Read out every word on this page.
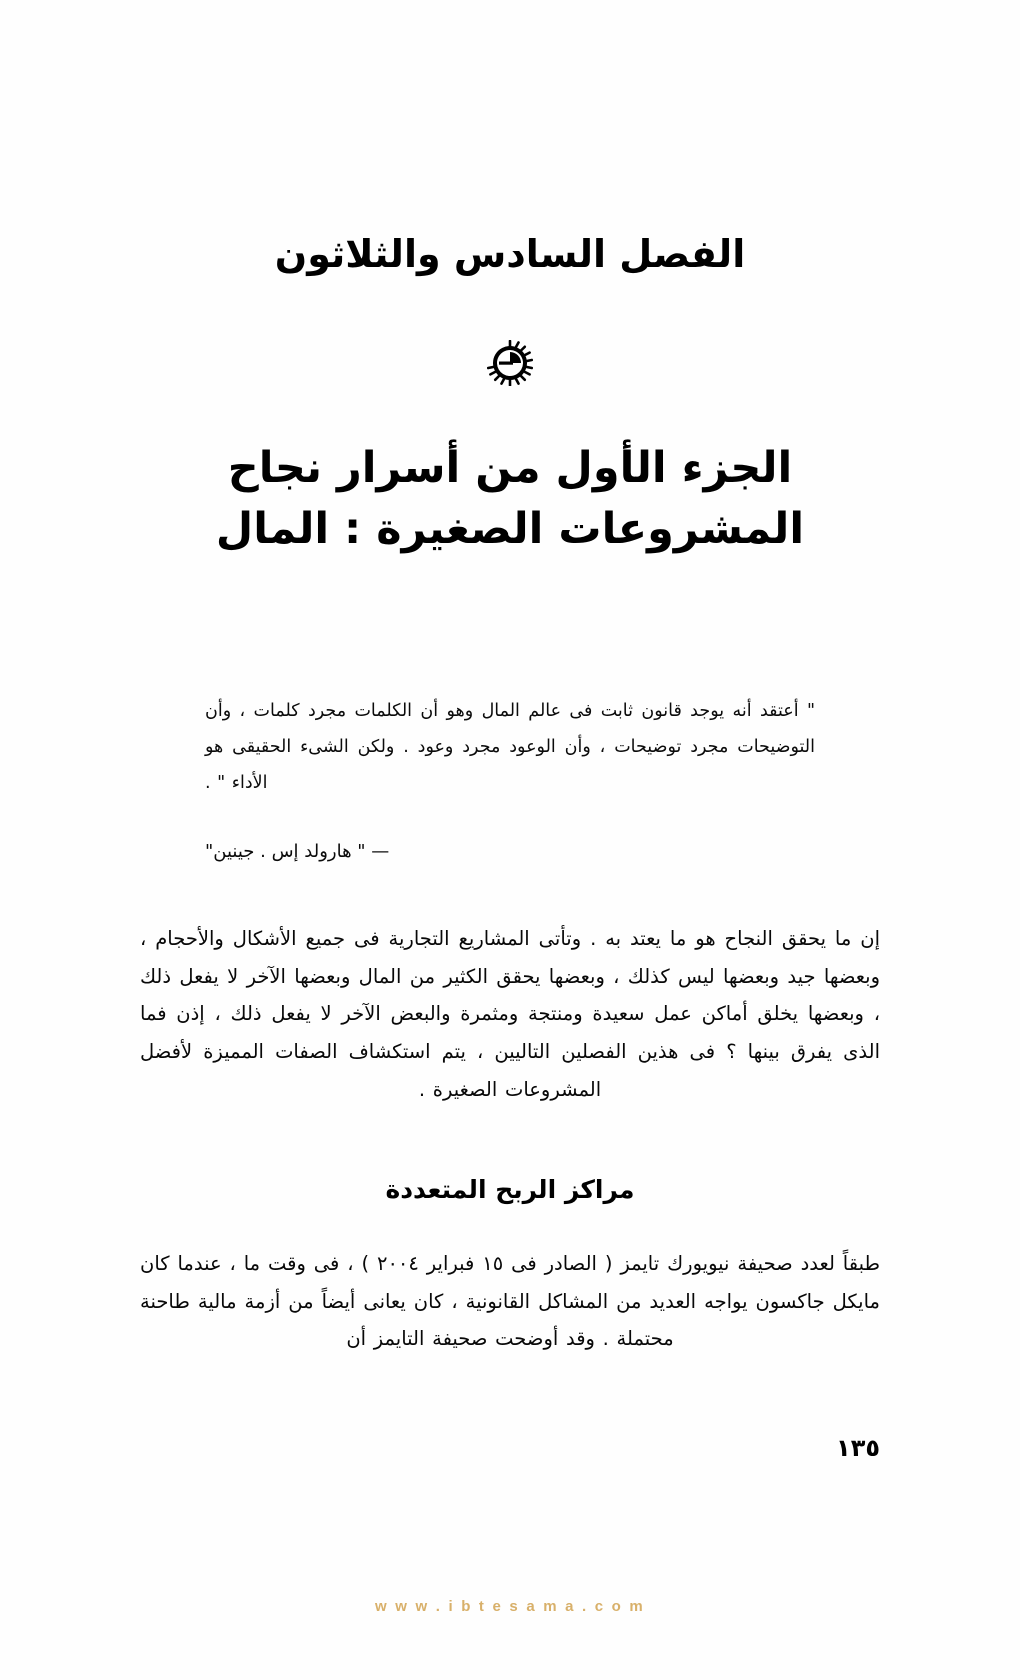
الفصل السادس والثلاثون
الجزء الأول من أسرار نجاح
المشروعات الصغيرة : المال
" أعتقد أنه يوجد قانون ثابت فى عالم المال وهو أن الكلمات مجرد كلمات ، وأن التوضيحات مجرد توضيحات ، وأن الوعود مجرد وعود . ولكن الشىء الحقيقى هو الأداء " .
— " هارولد إس . جينين"
إن ما يحقق النجاح هو ما يعتد به . وتأتى المشاريع التجارية فى جميع الأشكال والأحجام ، وبعضها جيد وبعضها ليس كذلك ، وبعضها يحقق الكثير من المال وبعضها الآخر لا يفعل ذلك ، وبعضها يخلق أماكن عمل سعيدة ومنتجة ومثمرة والبعض الآخر لا يفعل ذلك ، إذن فما الذى يفرق بينها ؟ فى هذين الفصلين التاليين ، يتم استكشاف الصفات المميزة لأفضل المشروعات الصغيرة .
مراكز الربح المتعددة
طبقاً لعدد صحيفة نيويورك تايمز ( الصادر فى ١٥ فبراير ٢٠٠٤ ) ، فى وقت ما ، عندما كان مايكل جاكسون يواجه العديد من المشاكل القانونية ، كان يعانى أيضاً من أزمة مالية طاحنة محتملة . وقد أوضحت صحيفة التايمز أن
١٣٥
w w w . i b t e s a m a . c o m
